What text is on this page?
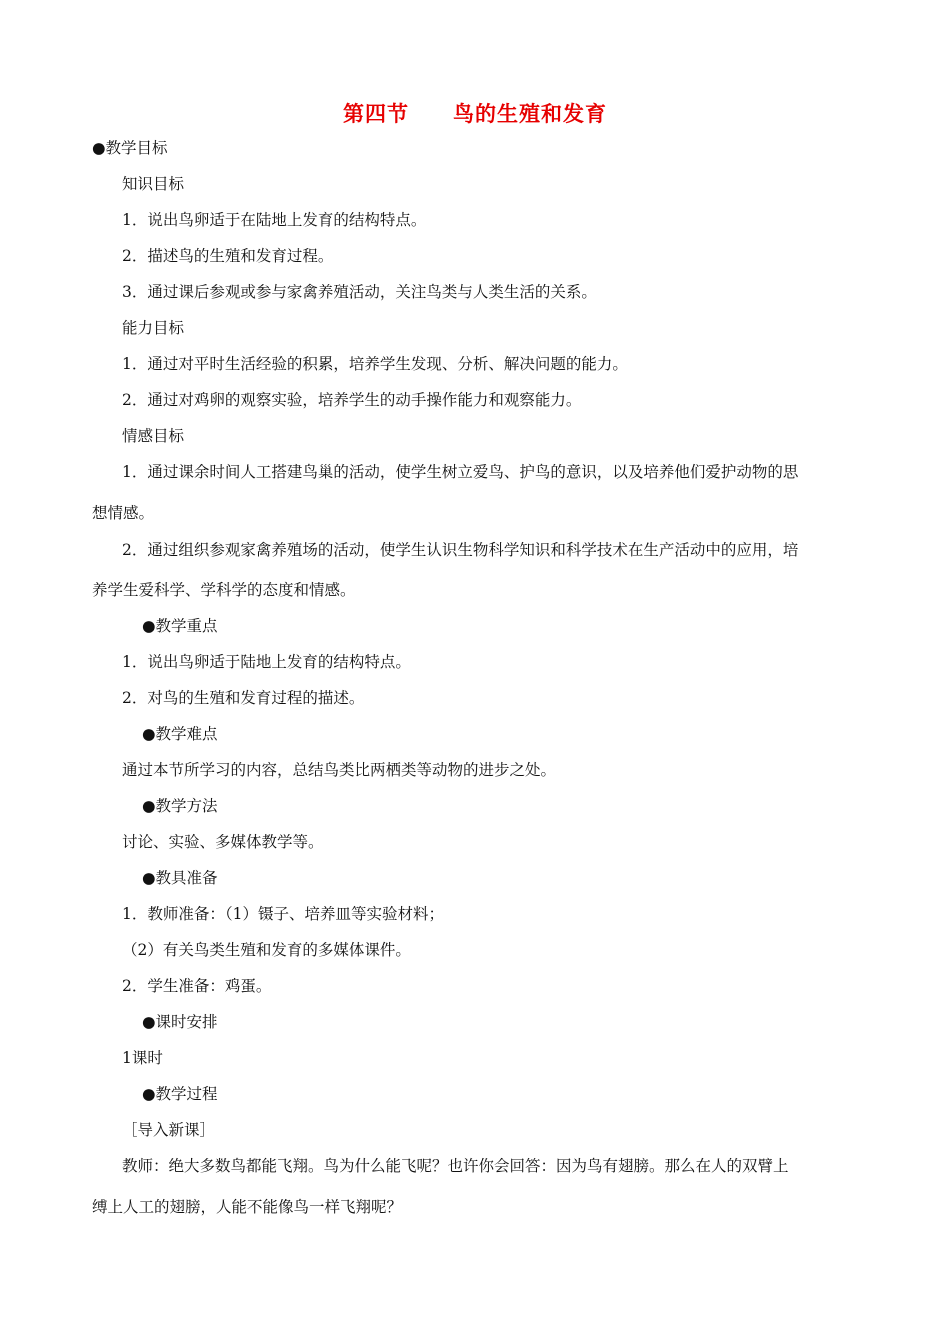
第四节　　鸟的生殖和发育
●教学目标
知识目标
1．说出鸟卵适于在陆地上发育的结构特点。
2．描述鸟的生殖和发育过程。
3．通过课后参观或参与家禽养殖活动，关注鸟类与人类生活的关系。
能力目标
1．通过对平时生活经验的积累，培养学生发现、分析、解决问题的能力。
2．通过对鸡卵的观察实验，培养学生的动手操作能力和观察能力。
情感目标
1．通过课余时间人工搭建鸟巢的活动，使学生树立爱鸟、护鸟的意识，以及培养他们爱护动物的思
想情感。
2．通过组织参观家禽养殖场的活动，使学生认识生物科学知识和科学技术在生产活动中的应用，培
养学生爱科学、学科学的态度和情感。
●教学重点
1．说出鸟卵适于陆地上发育的结构特点。
2．对鸟的生殖和发育过程的描述。
●教学难点
通过本节所学习的内容，总结鸟类比两栖类等动物的进步之处。
●教学方法
讨论、实验、多媒体教学等。
●教具准备
1．教师准备：（1）镊子、培养皿等实验材料；
（2）有关鸟类生殖和发育的多媒体课件。
2．学生准备：鸡蛋。
●课时安排
1课时
●教学过程
［导入新课］
教师：绝大多数鸟都能飞翔。鸟为什么能飞呢？也许你会回答：因为鸟有翅膀。那么在人的双臂上
缚上人工的翅膀，人能不能像鸟一样飞翔呢？
